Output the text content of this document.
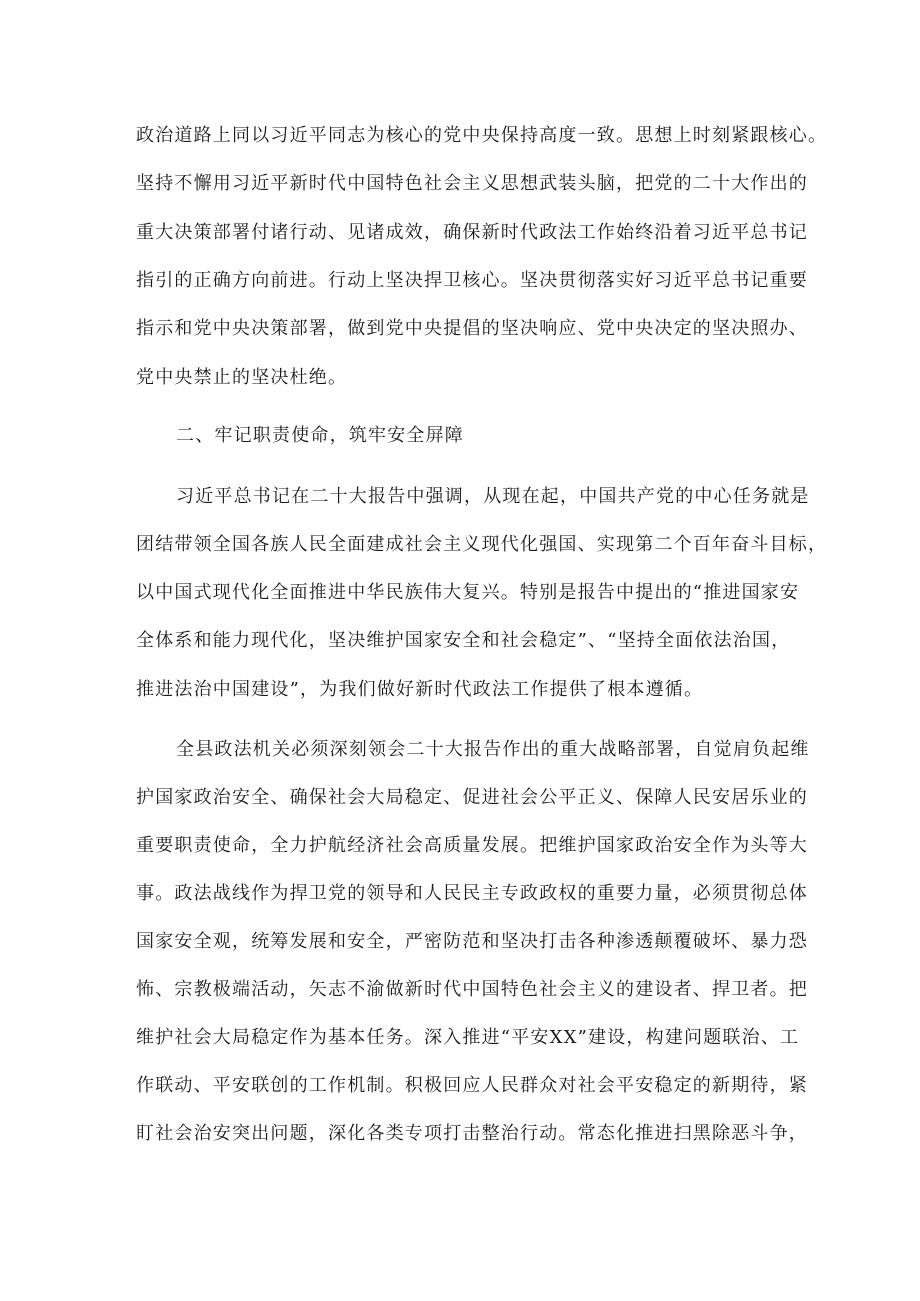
政治道路上同以习近平同志为核心的党中央保持高度一致。思想上时刻紧跟核心。
坚持不懈用习近平新时代中国特色社会主义思想武装头脑，把党的二十大作出的
重大决策部署付诸行动、见诸成效，确保新时代政法工作始终沿着习近平总书记
指引的正确方向前进。行动上坚决捍卫核心。坚决贯彻落实好习近平总书记重要
指示和党中央决策部署，做到党中央提倡的坚决响应、党中央决定的坚决照办、
党中央禁止的坚决杜绝。
二、牢记职责使命，筑牢安全屏障
习近平总书记在二十大报告中强调，从现在起，中国共产党的中心任务就是
团结带领全国各族人民全面建成社会主义现代化强国、实现第二个百年奋斗目标，
以中国式现代化全面推进中华民族伟大复兴。特别是报告中提出的“推进国家安
全体系和能力现代化，坚决维护国家安全和社会稳定”、“坚持全面依法治国，
推进法治中国建设”，为我们做好新时代政法工作提供了根本遵循。
全县政法机关必须深刻领会二十大报告作出的重大战略部署，自觉肩负起维
护国家政治安全、确保社会大局稳定、促进社会公平正义、保障人民安居乐业的
重要职责使命，全力护航经济社会高质量发展。把维护国家政治安全作为头等大
事。政法战线作为捍卫党的领导和人民民主专政政权的重要力量，必须贯彻总体
国家安全观，统筹发展和安全，严密防范和坚决打击各种渗透颠覆破坏、暴力恐
怖、宗教极端活动，矢志不渝做新时代中国特色社会主义的建设者、捍卫者。把
维护社会大局稳定作为基本任务。深入推进“平安XX”建设，构建问题联治、工
作联动、平安联创的工作机制。积极回应人民群众对社会平安稳定的新期待，紧
盯社会治安突出问题，深化各类专项打击整治行动。常态化推进扫黑除恶斗争，
